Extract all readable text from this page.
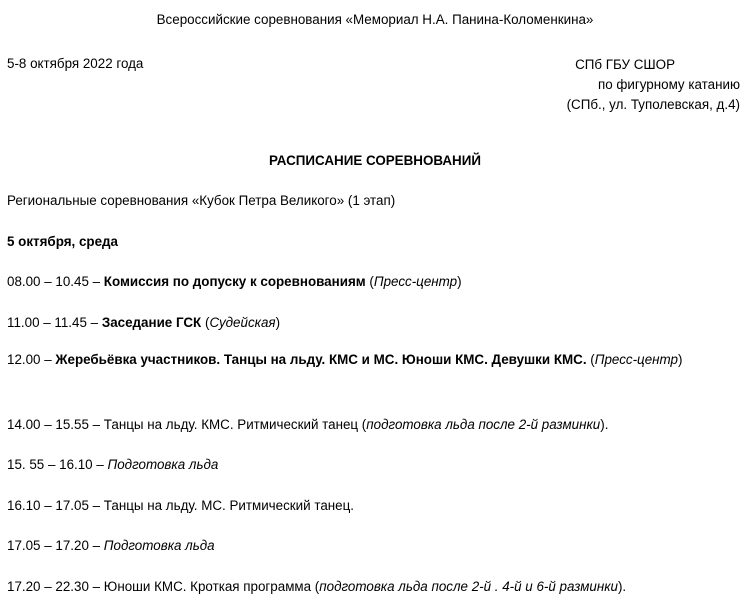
Всероссийские соревнования «Мемориал Н.А. Панина-Коломенкина»
5-8 октября 2022 года	СПб ГБУ СШОР
по фигурному катанию
(СПб., ул. Туполевская, д.4)
РАСПИСАНИЕ СОРЕВНОВАНИЙ
Региональные соревнования «Кубок Петра Великого» (1 этап)
5 октября, среда
08.00 – 10.45 – Комиссия по допуску к соревнованиям (Пресс-центр)
11.00 – 11.45 – Заседание ГСК (Судейская)
12.00 – Жеребьёвка участников. Танцы на льду. КМС и МС. Юноши КМС. Девушки КМС. (Пресс-центр)
14.00 – 15.55 – Танцы на льду. КМС. Ритмический танец (подготовка льда после 2-й разминки).
15. 55 – 16.10 – Подготовка льда
16.10 – 17.05 – Танцы на льду. МС. Ритмический танец.
17.05 – 17.20 – Подготовка льда
17.20 – 22.30 – Юноши КМС. Кроткая программа (подготовка льда после 2-й . 4-й и 6-й разминки).
